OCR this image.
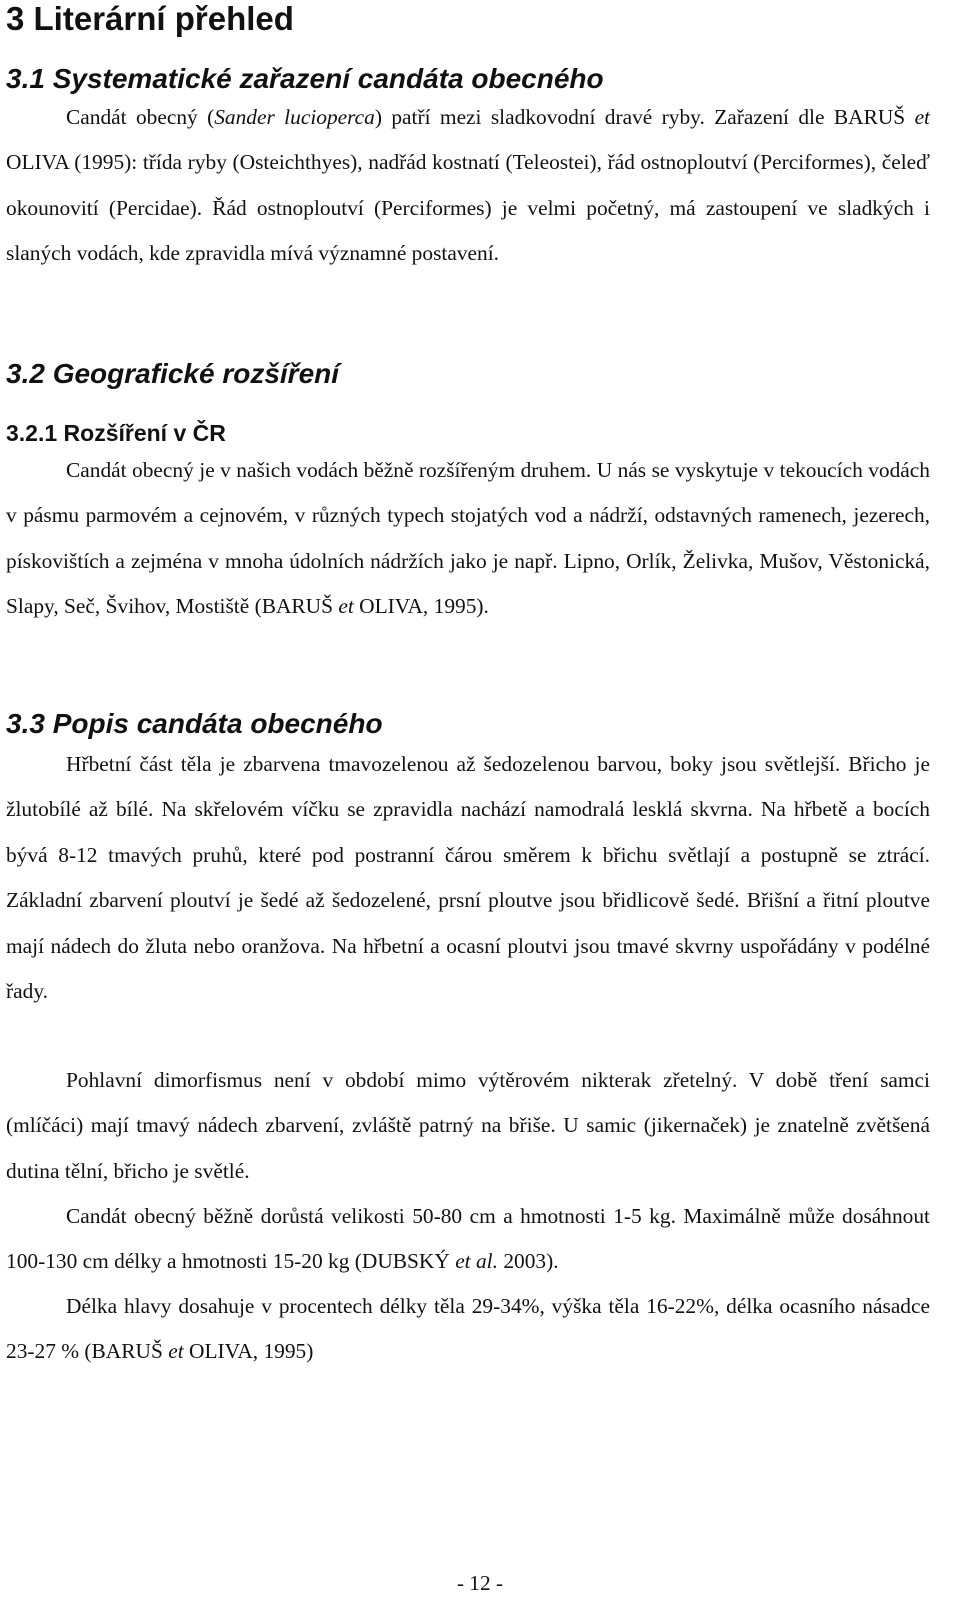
3 Literární přehled
3.1 Systematické zařazení candáta obecného

Candát obecný (Sander lucioperca) patří mezi sladkovodní dravé ryby. Zařazení dle BARUŠ et OLIVA (1995): třída ryby (Osteichthyes), nadřád kostnatí (Teleostei), řád ostnoploutví (Perciformes), čeleď okounovití (Percidae). Řád ostnoploutví (Perciformes) je velmi početný, má zastoupení ve sladkých i slaných vodách, kde zpravidla mívá významné postavení.

3.2 Geografické rozšíření
3.2.1 Rozšíření v ČR

Candát obecný je v našich vodách běžně rozšířeným druhem. U nás se vyskytuje v tekoucích vodách v pásmu parmovém a cejnovém, v různých typech stojatých vod a nádrží, odstavných ramenech, jezerech, pískovištích a zejména v mnoha údolních nádržích jako je např. Lipno, Orlík, Želivka, Mušov, Věstonická, Slapy, Seč, Švihov, Mostiště (BARUŠ et OLIVA, 1995).

3.3 Popis candáta obecného

Hřbetní část těla je zbarvena tmavozelenou až šedozelenou barvou, boky jsou světlejší. Břicho je žlutobílé až bílé. Na skřelovém víčku se zpravidla nachází namodralá lesklá skvrna. Na hřbetě a bocích bývá 8-12 tmavých pruhů, které pod postranní čárou směrem k břichu světlají a postupně se ztrácí. Základní zbarvení ploutví je šedé až šedozelené, prsní ploutve jsou břidlicově šedé. Břišní a řitní ploutve mají nádech do žluta nebo oranžova. Na hřbetní a ocasní ploutvi jsou tmavé skvrny uspořádány v podélné řady.

Pohlavní dimorfismus není v období mimo výtěrovém nikterak zřetelný. V době tření samci (mlíčáci) mají tmavý nádech zbarvení, zvláště patrný na břiše. U samic (jikernaček) je znatelně zvětšená dutina tělní, břicho je světlé.

Candát obecný běžně dorůstá velikosti 50-80 cm a hmotnosti 1-5 kg. Maximálně může dosáhnout 100-130 cm délky a hmotnosti 15-20 kg (DUBSKÝ et al. 2003).

Délka hlavy dosahuje v procentech délky těla 29-34%, výška těla 16-22%, délka ocasního násadce 23-27 % (BARUŠ et OLIVA, 1995)

- 12 -
